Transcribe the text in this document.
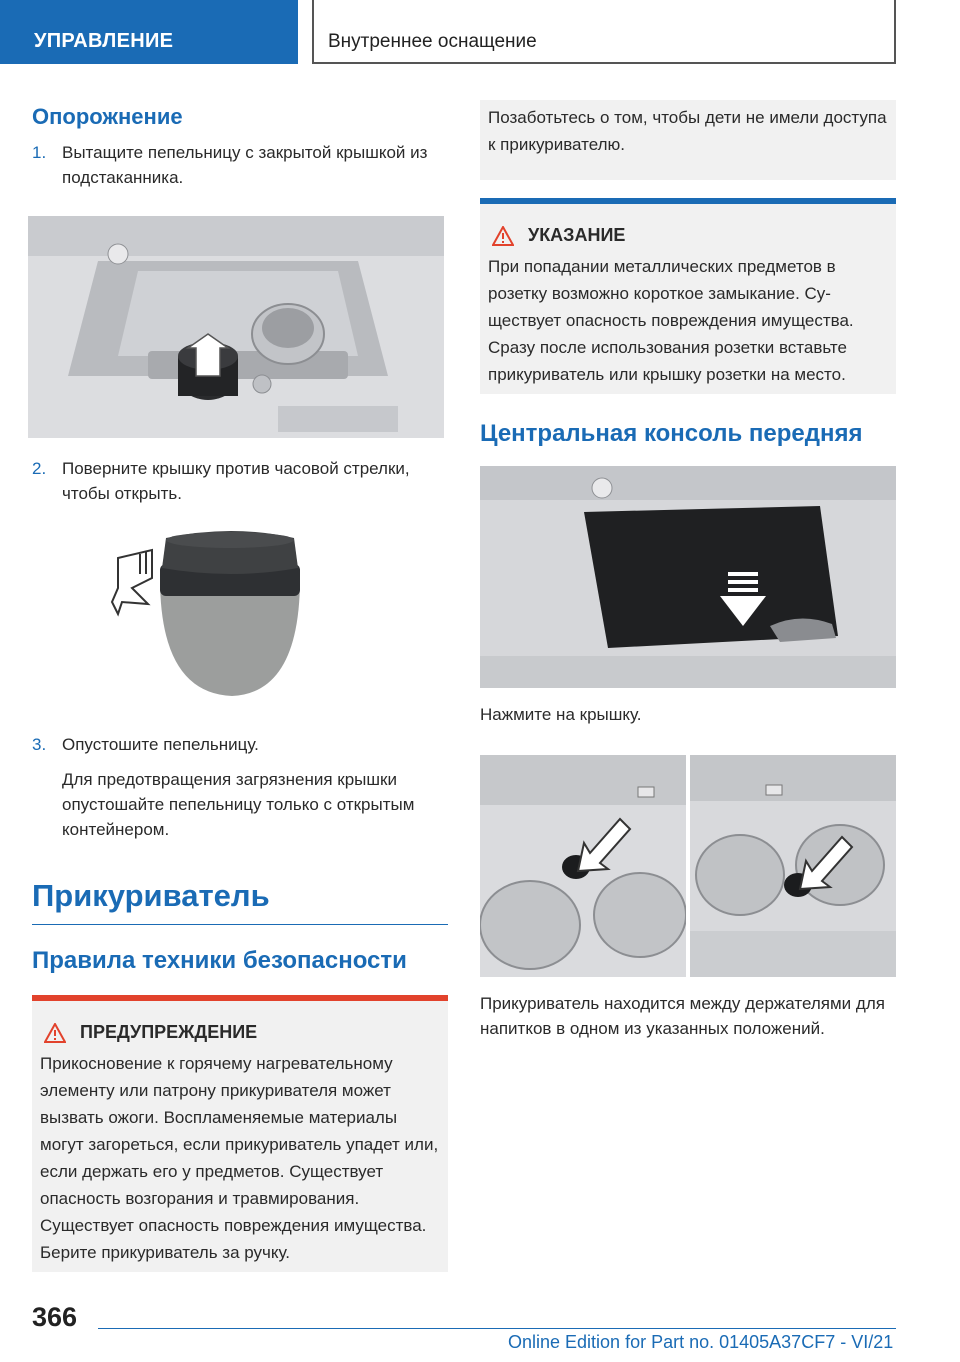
УПРАВЛЕНИЕ	Внутреннее оснащение
Опорожнение
1. Вытащите пепельницу с закрытой крышкой из подстаканника.
2. Поверните крышку против часовой стрелки, чтобы открыть.
3. Опустошите пепельницу.

Для предотвращения загрязнения крышки опустошайте пепельницу только с открытым контейнером.

Прикуриватель
Правила техники безопасности
ПРЕДУПРЕЖДЕНИЕ

Прикосновение к горячему нагревательному элементу или патрону прикуривателя может вызвать ожоги. Воспламеняемые материалы могут загореться, если прикуриватель упадет или, если держать его у предметов. Существует опасность возгорания и травмирования. Существует опасность повреждения имущества. Берите прикуриватель за ручку.

Позаботьтесь о том, чтобы дети не имели доступа к прикуривателю.

УКАЗАНИЕ

При попадании металлических предметов в розетку возможно короткое замыкание. Существует опасность повреждения имущества. Сразу после использования розетки вставьте прикуриватель или крышку розетки на место.

Центральная консоль передняя

Нажмите на крышку.

Прикуриватель находится между держателями для напитков в одном из указанных положений.

366
Online Edition for Part no. 01405A37CF7 - VI/21
